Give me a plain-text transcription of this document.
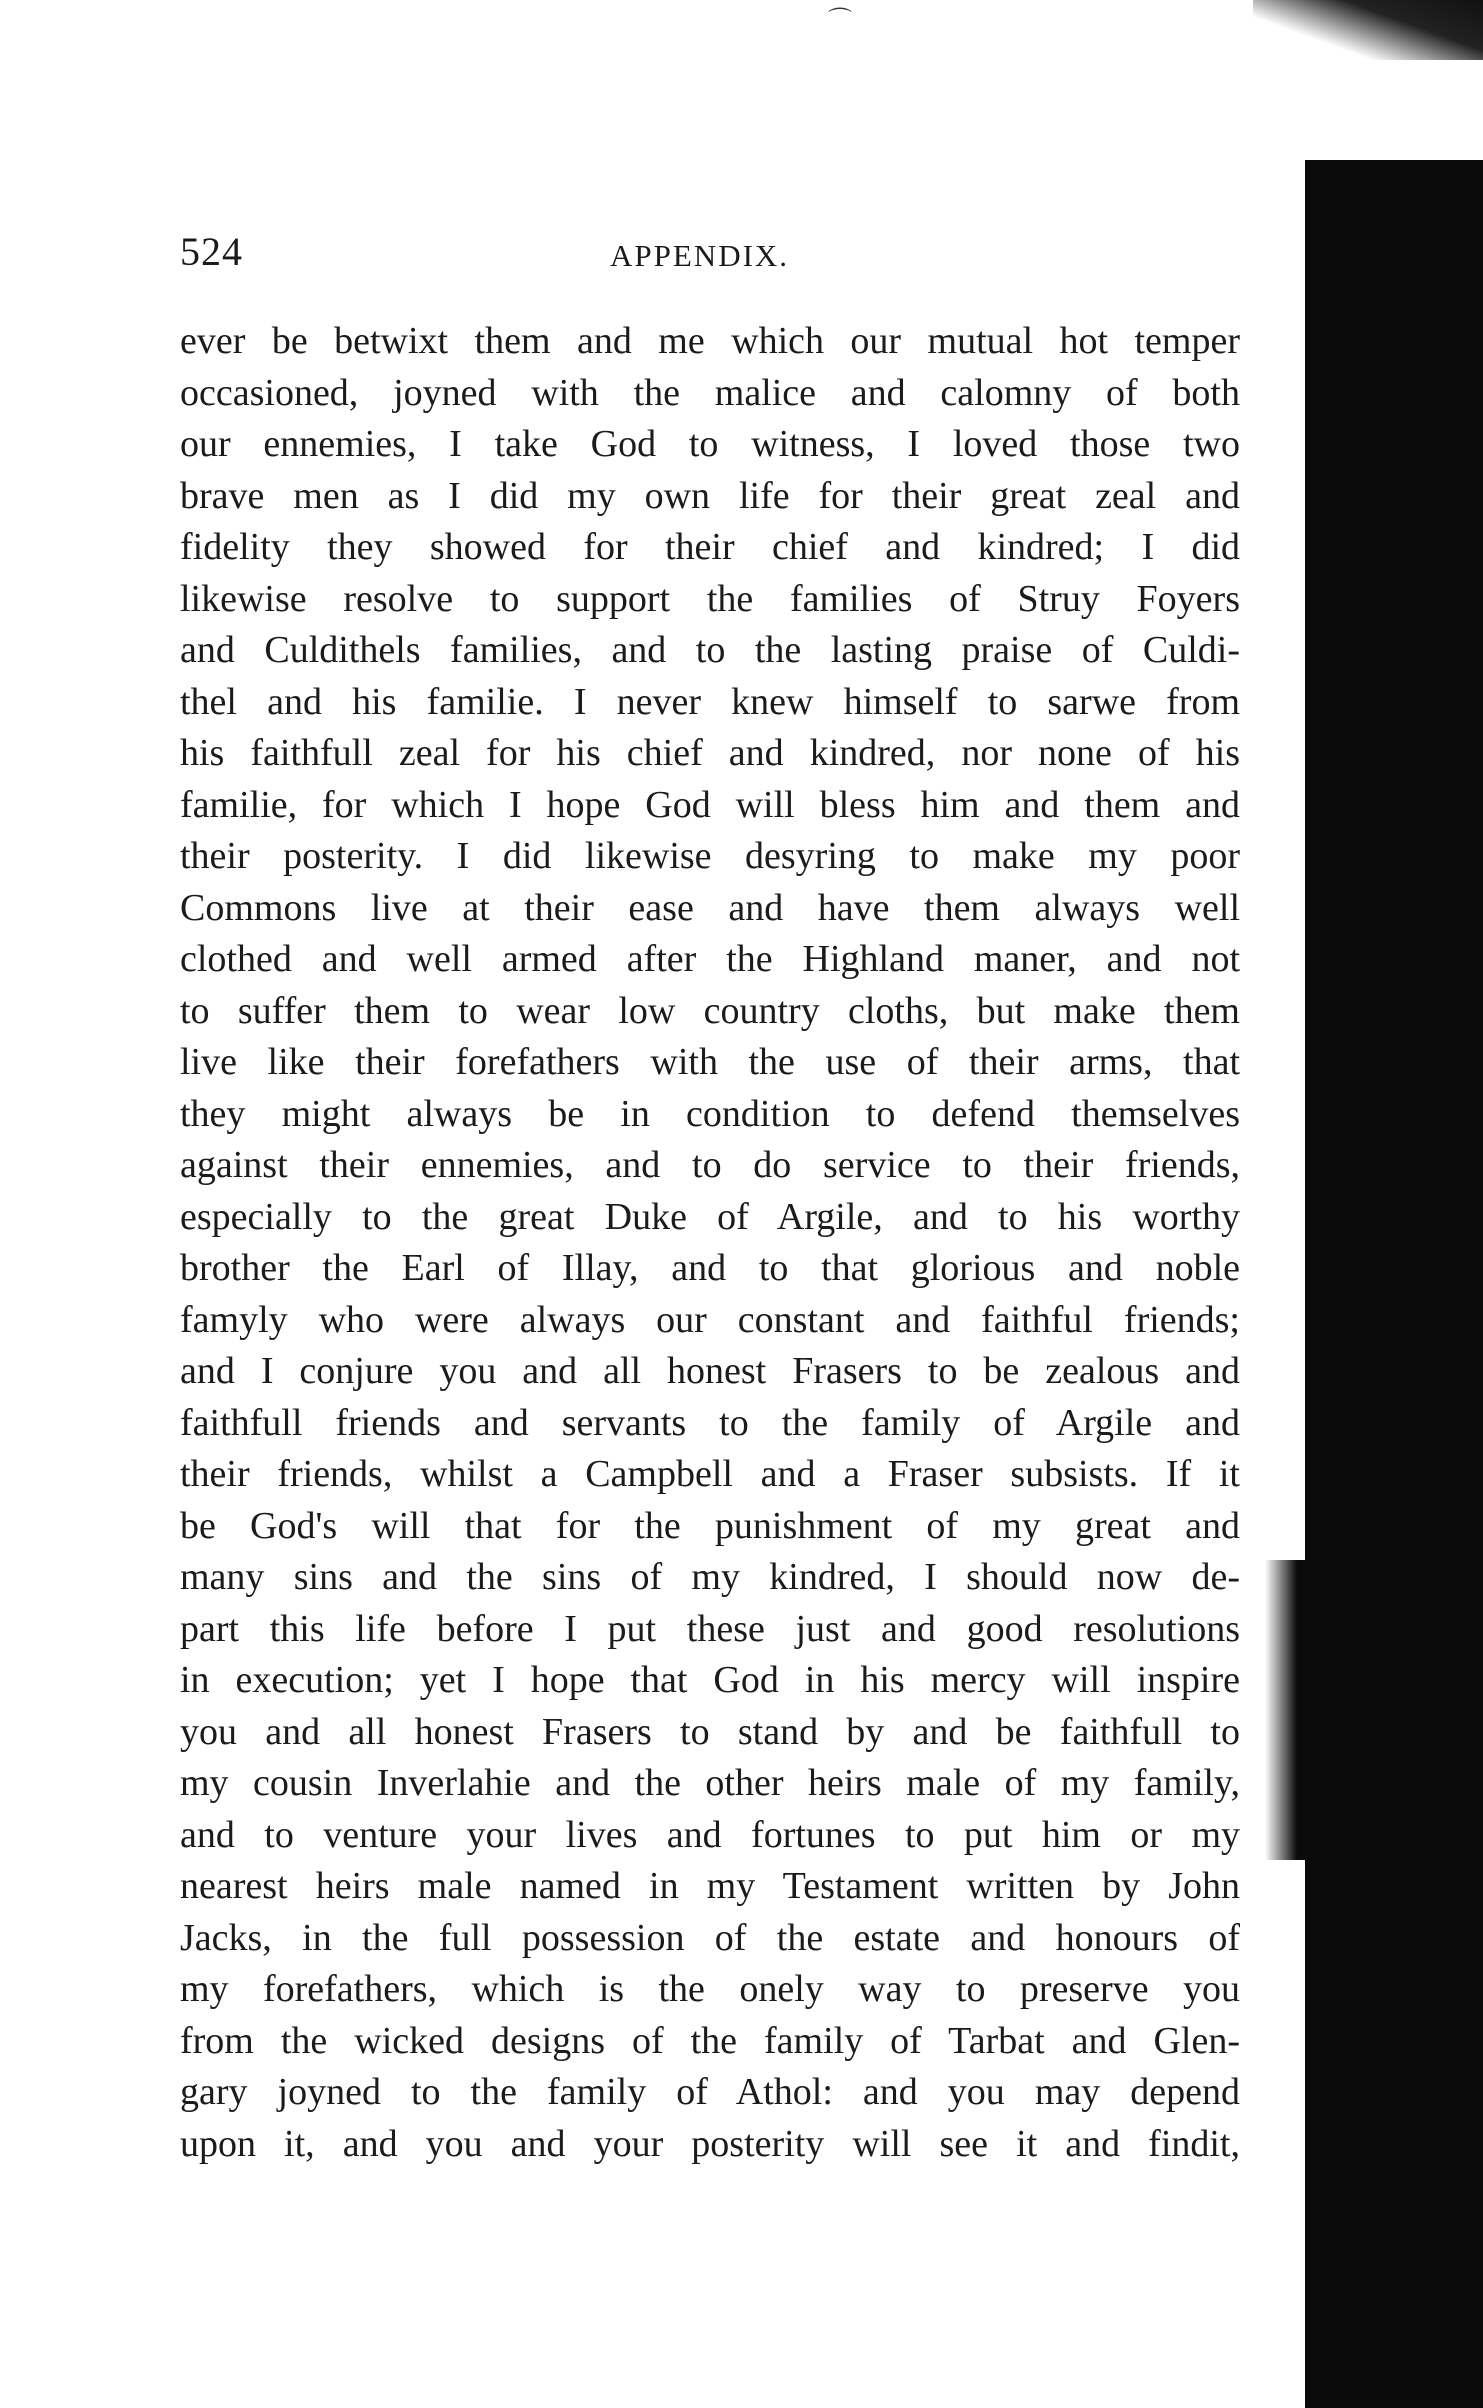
⌒
524	APPENDIX.
ever be betwixt them and me which our mutual hot temper
occasioned, joyned with the malice and calomny of both
our ennemies, I take God to witness, I loved those two
brave men as I did my own life for their great zeal and
fidelity they showed for their chief and kindred; I did
likewise resolve to support the families of Struy Foyers
and Culdithels families, and to the lasting praise of Culdi-
thel and his familie. I never knew himself to sarwe from
his faithfull zeal for his chief and kindred, nor none of his
familie, for which I hope God will bless him and them and
their posterity. I did likewise desyring to make my poor
Commons live at their ease and have them always well
clothed and well armed after the Highland maner, and not
to suffer them to wear low country cloths, but make them
live like their forefathers with the use of their arms, that
they might always be in condition to defend themselves
against their ennemies, and to do service to their friends,
especially to the great Duke of Argile, and to his worthy
brother the Earl of Illay, and to that glorious and noble
famyly who were always our constant and faithful friends;
and I conjure you and all honest Frasers to be zealous and
faithfull friends and servants to the family of Argile and
their friends, whilst a Campbell and a Fraser subsists. If it
be God's will that for the punishment of my great and
many sins and the sins of my kindred, I should now de-
part this life before I put these just and good resolutions
in execution; yet I hope that God in his mercy will inspire
you and all honest Frasers to stand by and be faithfull to
my cousin Inverlahie and the other heirs male of my family,
and to venture your lives and fortunes to put him or my
nearest heirs male named in my Testament written by John
Jacks, in the full possession of the estate and honours of
my forefathers, which is the onely way to preserve you
from the wicked designs of the family of Tarbat and Glen-
gary joyned to the family of Athol: and you may depend
upon it, and you and your posterity will see it and findit,
